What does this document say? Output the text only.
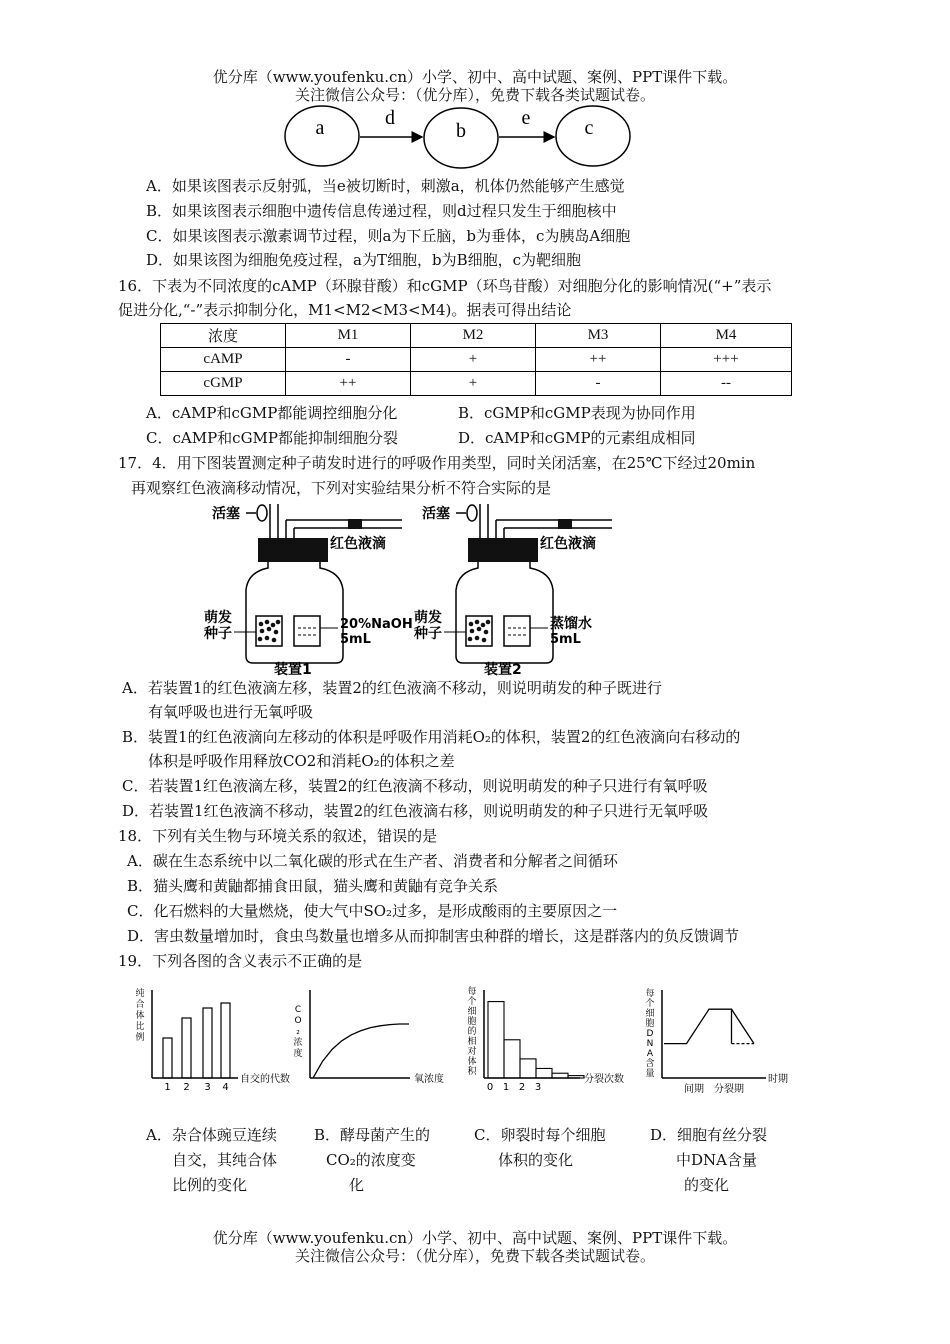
优分库（www.youfenku.cn）小学、初中、高中试题、案例、PPT课件下载。
关注微信公众号：（优分库），免费下载各类试题试卷。
a	b	c
d	e
A．如果该图表示反射弧，当e被切断时，刺激a，机体仍然能够产生感觉
B．如果该图表示细胞中遗传信息传递过程，则d过程只发生于细胞核中
C．如果该图表示激素调节过程，则a为下丘脑，b为垂体，c为胰岛A细胞
D．如果该图为细胞免疫过程，a为T细胞，b为B细胞，c为靶细胞
16．下表为不同浓度的cAMP（环腺苷酸）和cGMP（环鸟苷酸）对细胞分化的影响情况(“+”表示
促进分化,“-”表示抑制分化，M1<M2<M3<M4)。据表可得出结论
浓度	M1	M2	M3	M4
cAMP	-	+	++	+++
cGMP	++	+	-	--
A．cAMP和cGMP都能调控细胞分化	B．cGMP和cGMP表现为协同作用
C．cAMP和cGMP都能抑制细胞分裂	D．cAMP和cGMP的元素组成相同
17．4．用下图装置测定种子萌发时进行的呼吸作用类型，同时关闭活塞，在25℃下经过20min
再观察红色液滴移动情况，下列对实验结果分析不符合实际的是
活塞
红色液滴
萌发
种子
20%NaOH
5mL
装置1
活塞
红色液滴
萌发
种子
蒸馏水
5mL
装置2
A．若装置1的红色液滴左移，装置2的红色液滴不移动，则说明萌发的种子既进行
有氧呼吸也进行无氧呼吸
B．装置1的红色液滴向左移动的体积是呼吸作用消耗O₂的体积，装置2的红色液滴向右移动的
体积是呼吸作用释放CO2和消耗O₂的体积之差
C．若装置1红色液滴左移，装置2的红色液滴不移动，则说明萌发的种子只进行有氧呼吸
D．若装置1红色液滴不移动，装置2的红色液滴右移，则说明萌发的种子只进行无氧呼吸
18．下列有关生物与环境关系的叙述，错误的是
A．碳在生态系统中以二氧化碳的形式在生产者、消费者和分解者之间循环
B．猫头鹰和黄鼬都捕食田鼠，猫头鹰和黄鼬有竞争关系
C．化石燃料的大量燃烧，使大气中SO₂过多，是形成酸雨的主要原因之一
D．害虫数量增加时，食虫鸟数量也增多从而抑制害虫种群的增长，这是群落内的负反馈调节
19．下列各图的含义表示不正确的是
纯
合
体
比
例
自交的代数
1 2 3 4
C
O
₂
浓
度
氧浓度
每
个
细
胞
的
相
对
体
积
分裂次数
0 1 2 3
每
个
细
胞
D
N
A
含
量	时期
间期 分裂期
A．杂合体豌豆连续
自交，其纯合体
比例的变化
B．酵母菌产生的
CO₂的浓度变
化
C．卵裂时每个细胞
体积的变化
D．细胞有丝分裂
中DNA含量
的变化
优分库（www.youfenku.cn）小学、初中、高中试题、案例、PPT课件下载。
关注微信公众号：（优分库），免费下载各类试题试卷。
